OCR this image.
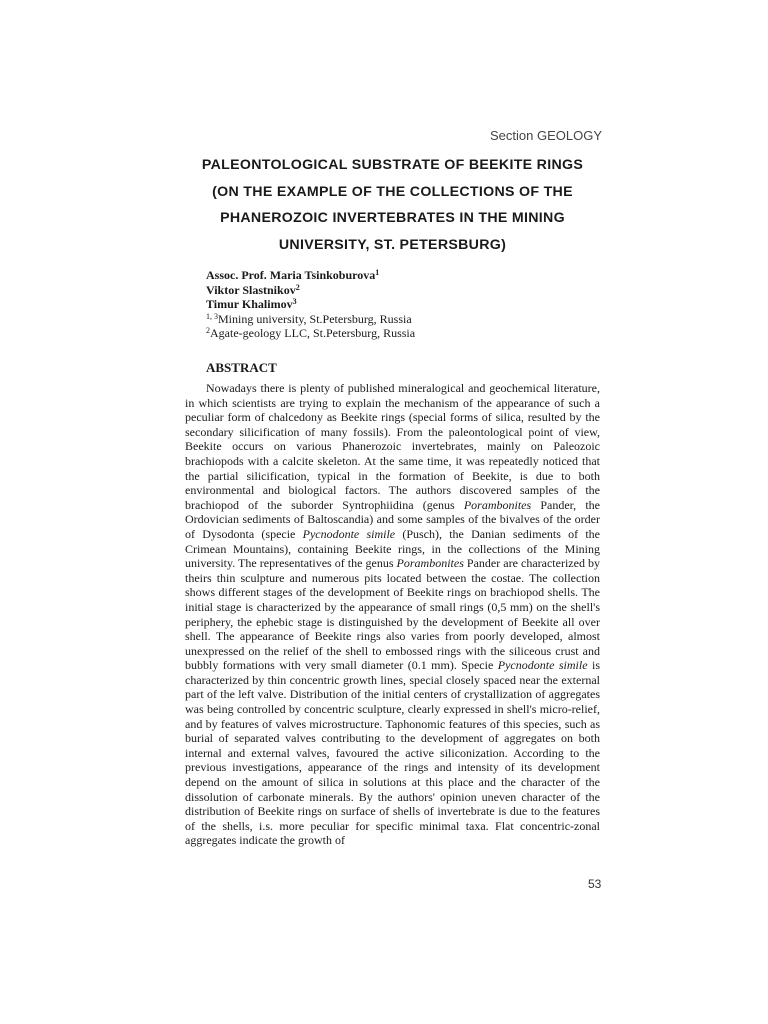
Section GEOLOGY
PALEONTOLOGICAL SUBSTRATE OF BEEKITE RINGS
(ON THE EXAMPLE OF THE COLLECTIONS OF THE
PHANEROZOIC INVERTEBRATES IN THE MINING
UNIVERSITY, ST. PETERSBURG)
Assoc. Prof. Maria Tsinkoburova$^1$
Viktor Slastnikov$^2$
Timur Khalimov$^3$
$^{1, 3}$Mining university, St.Petersburg, Russia
$^2$Agate-geology LLC, St.Petersburg, Russia
ABSTRACT

Nowadays there is plenty of published mineralogical and geochemical literature, in which scientists are trying to explain the mechanism of the appearance of such a peculiar form of chalcedony as Beekite rings (special forms of silica, resulted by the secondary silicification of many fossils). From the paleontological point of view, Beekite occurs on various Phanerozoic invertebrates, mainly on Paleozoic brachiopods with a calcite skeleton. At the same time, it was repeatedly noticed that the partial silicification, typical in the formation of Beekite, is due to both environmental and biological factors. The authors discovered samples of the brachiopod of the suborder Syntrophiidina (genus Porambonites Pander, the Ordovician sediments of Baltoscandia) and some samples of the bivalves of the order of Dysodonta (specie Pycnodonte simile (Pusch), the Danian sediments of the Crimean Mountains), containing Beekite rings, in the collections of the Mining university. The representatives of the genus Porambonites Pander are characterized by theirs thin sculpture and numerous pits located between the costae. The collection shows different stages of the development of Beekite rings on brachiopod shells. The initial stage is characterized by the appearance of small rings (0,5 mm) on the shell's periphery, the ephebic stage is distinguished by the development of Beekite all over shell. The appearance of Beekite rings also varies from poorly developed, almost unexpressed on the relief of the shell to embossed rings with the siliceous crust and bubbly formations with very small diameter (0.1 mm). Specie Pycnodonte simile is characterized by thin concentric growth lines, special closely spaced near the external part of the left valve. Distribution of the initial centers of crystallization of aggregates was being controlled by concentric sculpture, clearly expressed in shell's micro-relief, and by features of valves microstructure. Taphonomic features of this species, such as burial of separated valves contributing to the development of aggregates on both internal and external valves, favoured the active siliconization. According to the previous investigations, appearance of the rings and intensity of its development depend on the amount of silica in solutions at this place and the character of the dissolution of carbonate minerals. By the authors' opinion uneven character of the distribution of Beekite rings on surface of shells of invertebrate is due to the features of the shells, i.s. more peculiar for specific minimal taxa. Flat concentric-zonal aggregates indicate the growth of

53
